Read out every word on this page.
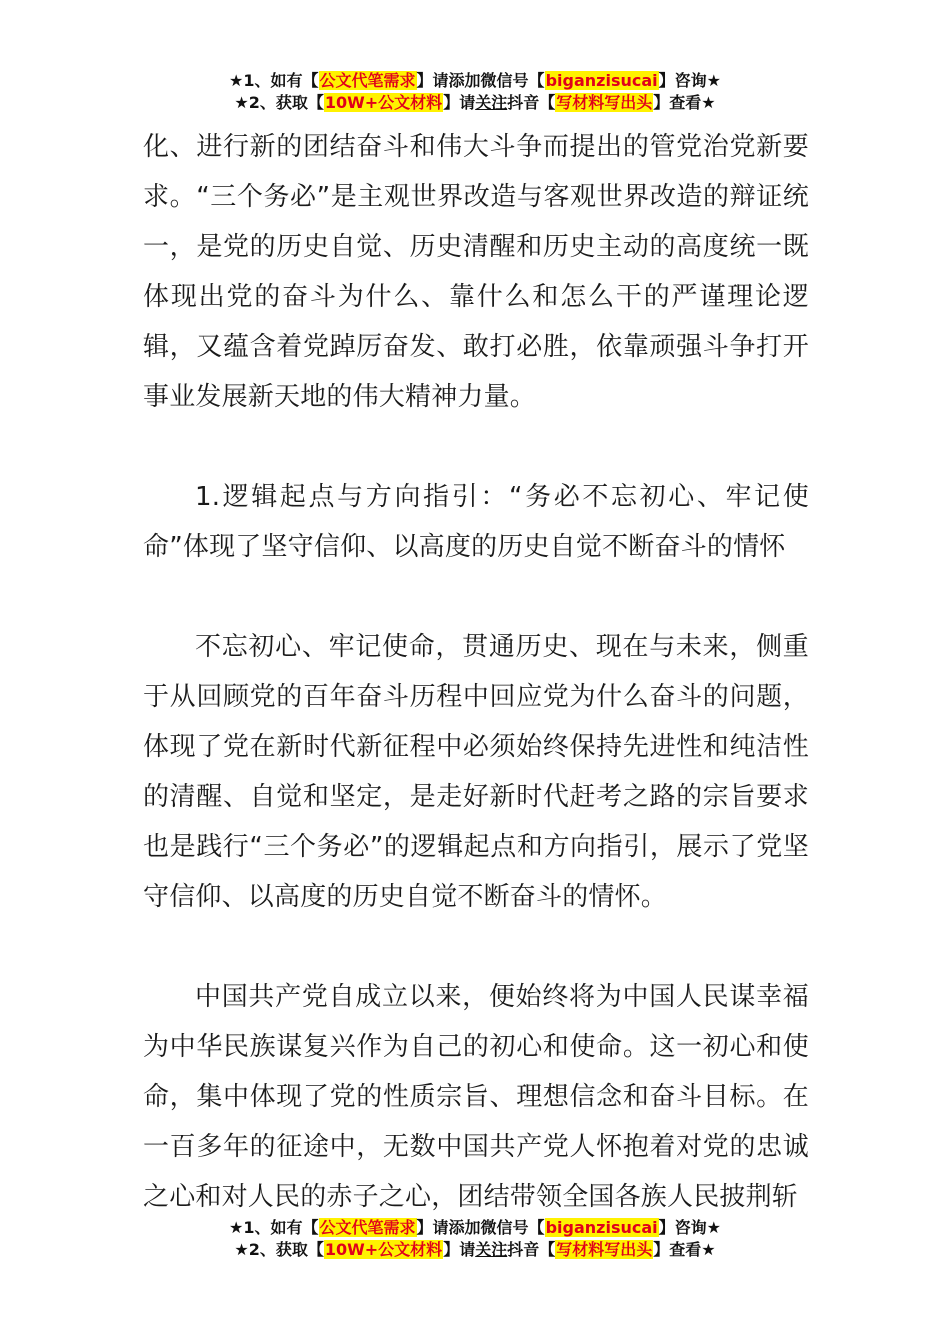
★1、如有【公文代笔需求】请添加微信号【biganzisucai】咨询★
★2、获取【10W+公文材料】请关注抖音【写材料写出头】查看★

化、进行新的团结奋斗和伟大斗争而提出的管党治党新要求。“三个务必”是主观世界改造与客观世界改造的辩证统一，是党的历史自觉、历史清醒和历史主动的高度统一既体现出党的奋斗为什么、靠什么和怎么干的严谨理论逻辑，又蕴含着党踔厉奋发、敢打必胜，依靠顽强斗争打开事业发展新天地的伟大精神力量。

1.逻辑起点与方向指引：“务必不忘初心、牢记使命”体现了坚守信仰、以高度的历史自觉不断奋斗的情怀

不忘初心、牢记使命，贯通历史、现在与未来，侧重于从回顾党的百年奋斗历程中回应党为什么奋斗的问题，体现了党在新时代新征程中必须始终保持先进性和纯洁性的清醒、自觉和坚定，是走好新时代赶考之路的宗旨要求也是践行“三个务必”的逻辑起点和方向指引，展示了党坚守信仰、以高度的历史自觉不断奋斗的情怀。

中国共产党自成立以来，便始终将为中国人民谋幸福为中华民族谋复兴作为自己的初心和使命。这一初心和使命，集中体现了党的性质宗旨、理想信念和奋斗目标。在一百多年的征途中，无数中国共产党人怀抱着对党的忠诚之心和对人民的赤子之心，团结带领全国各族人民披荆斩

★1、如有【公文代笔需求】请添加微信号【biganzisucai】咨询★
★2、获取【10W+公文材料】请关注抖音【写材料写出头】查看★
